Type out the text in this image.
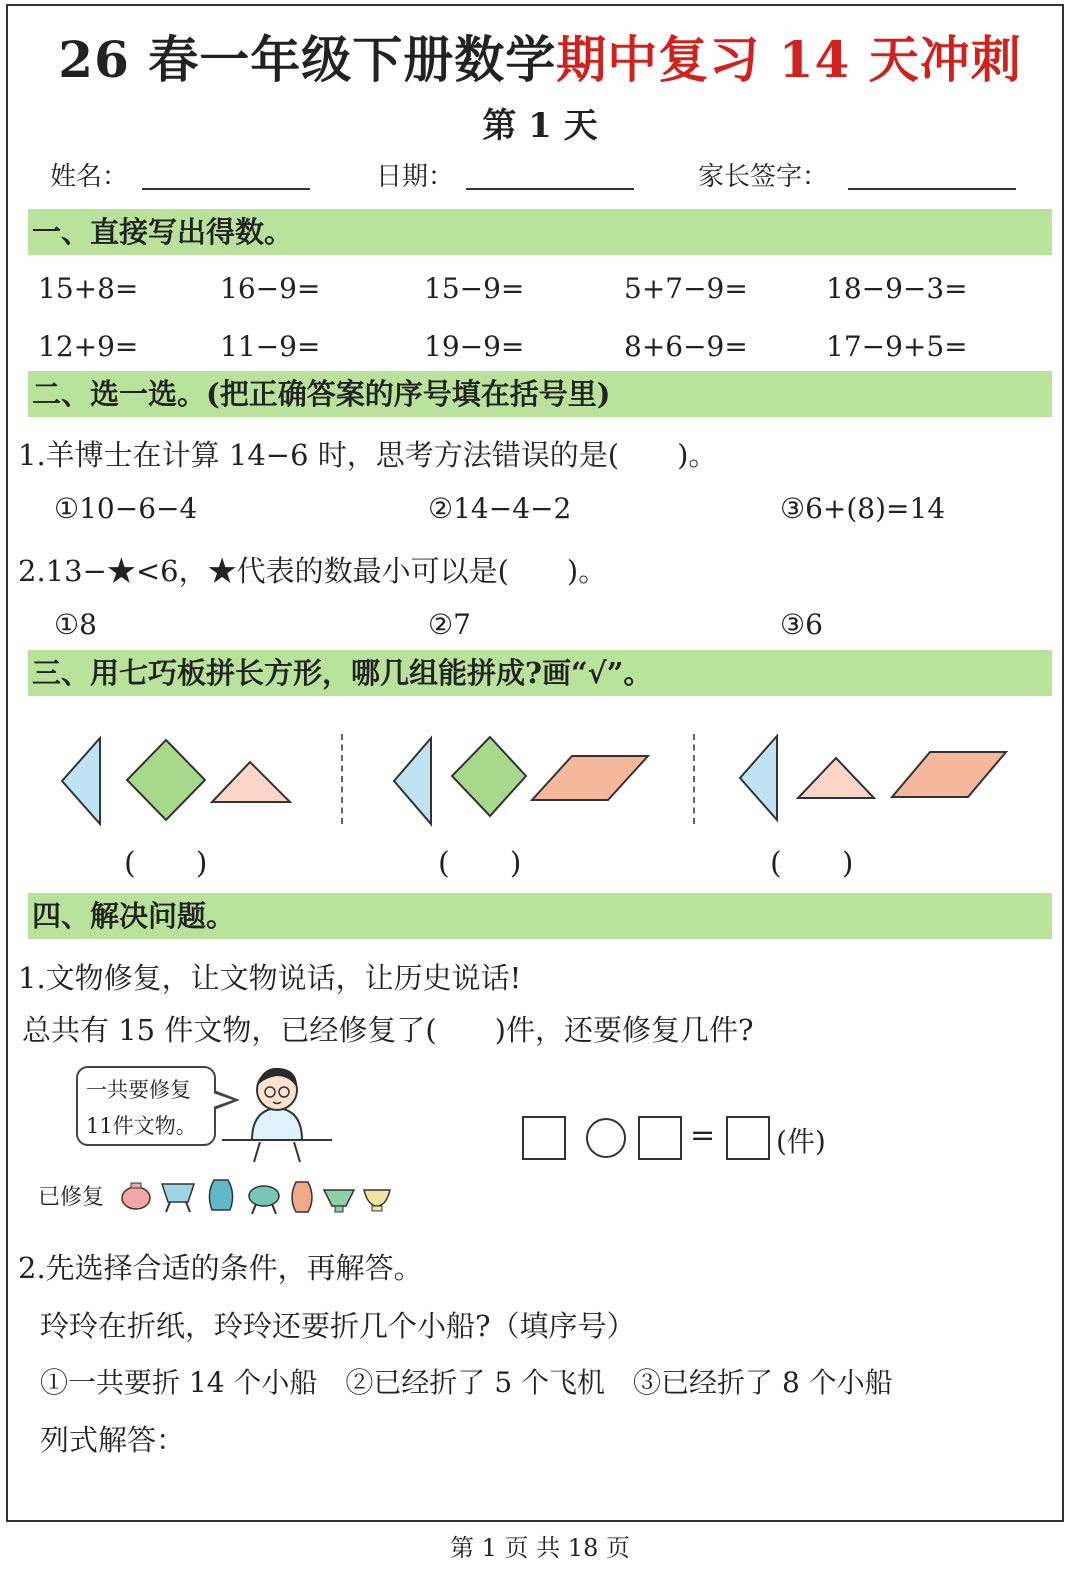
26 春一年级下册数学期中复习 14 天冲刺
第 1 天
姓名：	日期：	家长签字：
一、直接写出得数。
15+8=	16−9=	15−9=	5+7−9=	18−9−3=
12+9=	11−9=	19−9=	8+6−9=	17−9+5=
二、选一选。(把正确答案的序号填在括号里)
1.羊博士在计算 14−6 时，思考方法错误的是(　　)。
①10−6−4	②14−4−2	③6+(8)=14
2.13−★<6，★代表的数最小可以是(　　)。
①8	②7	③6
三、用七巧板拼长方形，哪几组能拼成?画“√”。
(　　)	(　　)	(　　)
四、解决问题。
1.文物修复，让文物说话，让历史说话!
总共有 15 件文物，已经修复了(　　)件，还要修复几件?
一共要修复
11件文物。
已修复
= (件)
2.先选择合适的条件，再解答。
玲玲在折纸，玲玲还要折几个小船?（填序号）
①一共要折 14 个小船　②已经折了 5 个飞机　③已经折了 8 个小船
列式解答：
第 1 页 共 18 页
